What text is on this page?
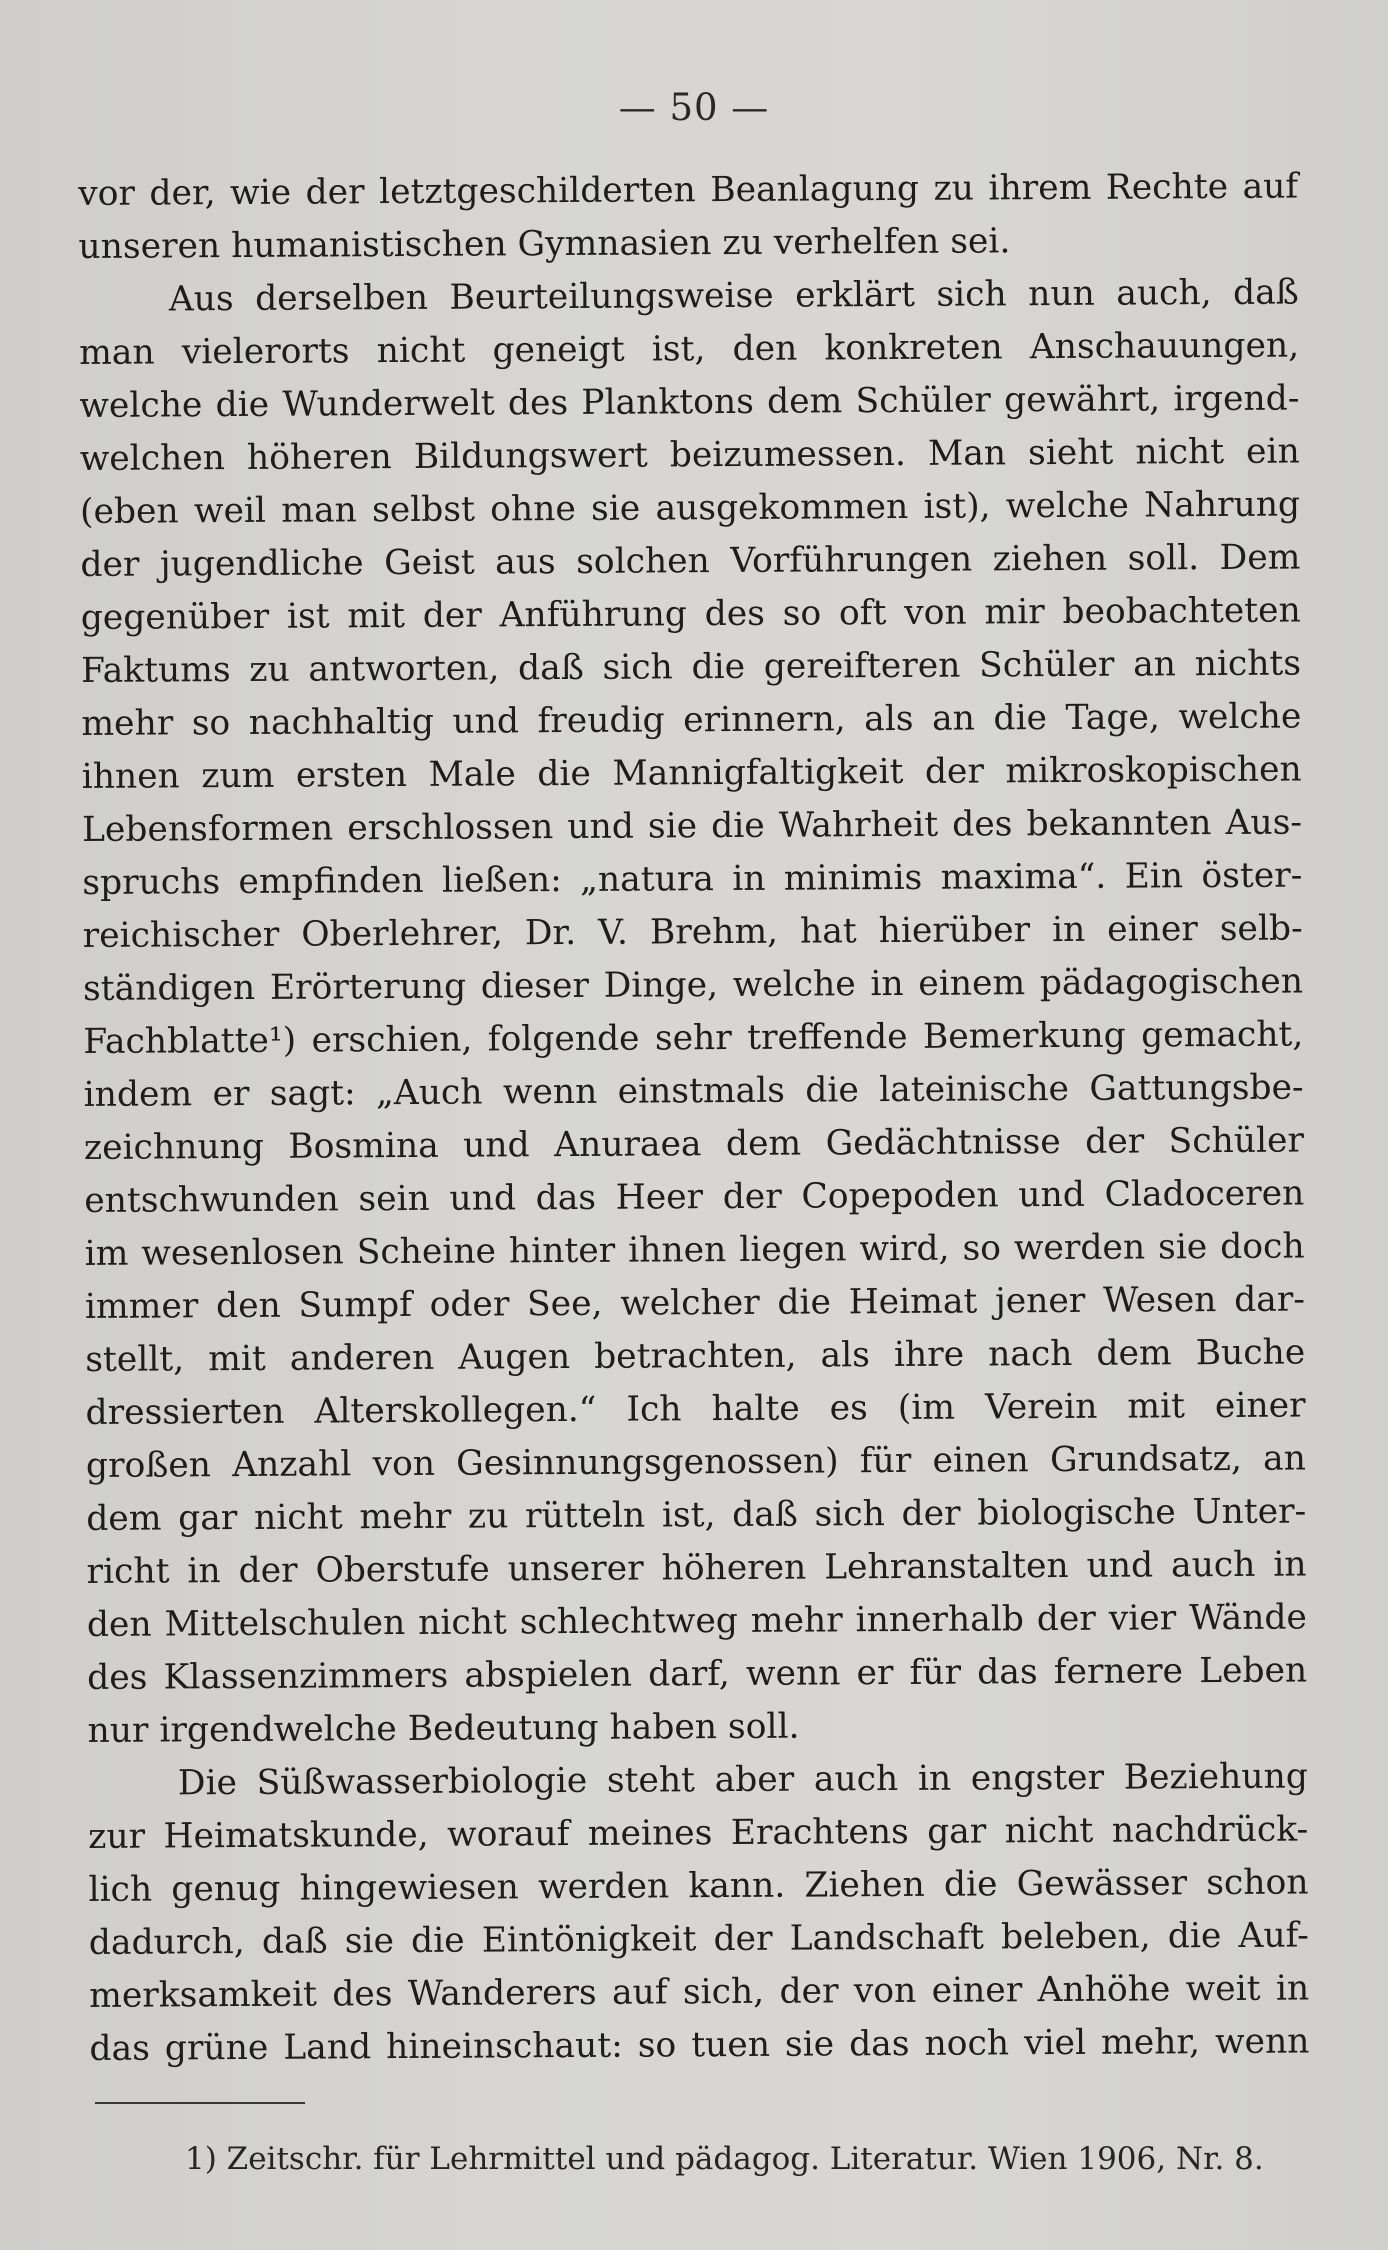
— 50 —
vor der, wie der letztgeschilderten Beanlagung zu ihrem Rechte auf
unseren humanistischen Gymnasien zu verhelfen sei.
Aus derselben Beurteilungsweise erklärt sich nun auch, daß
man vielerorts nicht geneigt ist, den konkreten Anschauungen,
welche die Wunderwelt des Planktons dem Schüler gewährt, irgend-
welchen höheren Bildungswert beizumessen. Man sieht nicht ein
(eben weil man selbst ohne sie ausgekommen ist), welche Nahrung
der jugendliche Geist aus solchen Vorführungen ziehen soll. Dem
gegenüber ist mit der Anführung des so oft von mir beobachteten
Faktums zu antworten, daß sich die gereifteren Schüler an nichts
mehr so nachhaltig und freudig erinnern, als an die Tage, welche
ihnen zum ersten Male die Mannigfaltigkeit der mikroskopischen
Lebensformen erschlossen und sie die Wahrheit des bekannten Aus-
spruchs empfinden ließen: „natura in minimis maxima“. Ein öster-
reichischer Oberlehrer, Dr. V. Brehm, hat hierüber in einer selb-
ständigen Erörterung dieser Dinge, welche in einem pädagogischen
Fachblatte¹) erschien, folgende sehr treffende Bemerkung gemacht,
indem er sagt: „Auch wenn einstmals die lateinische Gattungsbe-
zeichnung Bosmina und Anuraea dem Gedächtnisse der Schüler
entschwunden sein und das Heer der Copepoden und Cladoceren
im wesenlosen Scheine hinter ihnen liegen wird, so werden sie doch
immer den Sumpf oder See, welcher die Heimat jener Wesen dar-
stellt, mit anderen Augen betrachten, als ihre nach dem Buche
dressierten Alterskollegen.“ Ich halte es (im Verein mit einer
großen Anzahl von Gesinnungsgenossen) für einen Grundsatz, an
dem gar nicht mehr zu rütteln ist, daß sich der biologische Unter-
richt in der Oberstufe unserer höheren Lehranstalten und auch in
den Mittelschulen nicht schlechtweg mehr innerhalb der vier Wände
des Klassenzimmers abspielen darf, wenn er für das fernere Leben
nur irgendwelche Bedeutung haben soll.
Die Süßwasserbiologie steht aber auch in engster Beziehung
zur Heimatskunde, worauf meines Erachtens gar nicht nachdrück-
lich genug hingewiesen werden kann. Ziehen die Gewässer schon
dadurch, daß sie die Eintönigkeit der Landschaft beleben, die Auf-
merksamkeit des Wanderers auf sich, der von einer Anhöhe weit in
das grüne Land hineinschaut: so tuen sie das noch viel mehr, wenn
1) Zeitschr. für Lehrmittel und pädagog. Literatur. Wien 1906, Nr. 8.
